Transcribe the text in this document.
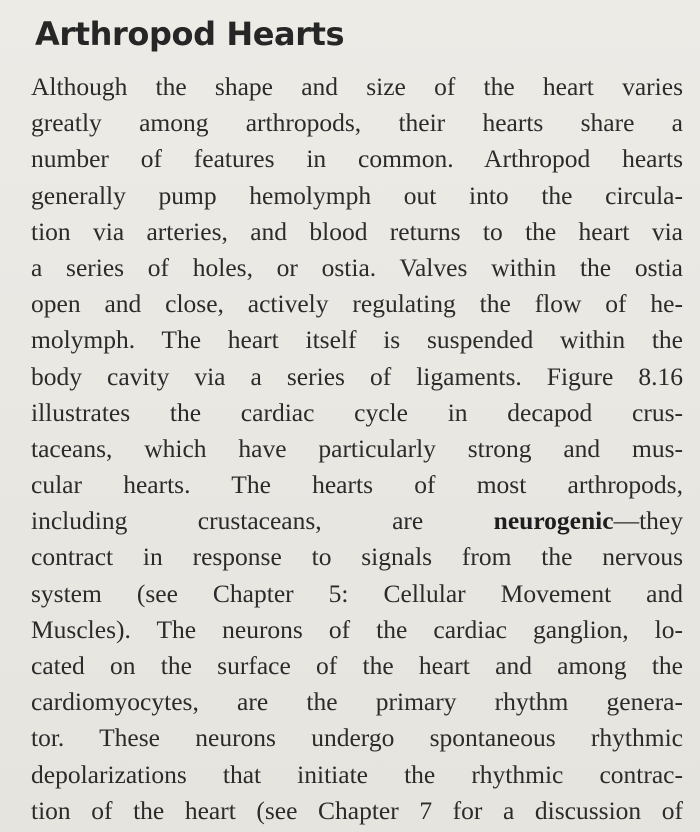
Arthropod Hearts
Although the shape and size of the heart varies
greatly among arthropods, their hearts share a
number of features in common. Arthropod hearts
generally pump hemolymph out into the circula-
tion via arteries, and blood returns to the heart via
a series of holes, or ostia. Valves within the ostia
open and close, actively regulating the flow of he-
molymph. The heart itself is suspended within the
body cavity via a series of ligaments. Figure 8.16
illustrates the cardiac cycle in decapod crus-
taceans, which have particularly strong and mus-
cular hearts. The hearts of most arthropods,
including crustaceans, are neurogenic—they
contract in response to signals from the nervous
system (see Chapter 5: Cellular Movement and
Muscles). The neurons of the cardiac ganglion, lo-
cated on the surface of the heart and among the
cardiomyocytes, are the primary rhythm genera-
tor. These neurons undergo spontaneous rhythmic
depolarizations that initiate the rhythmic contrac-
tion of the heart (see Chapter 7 for a discussion of
